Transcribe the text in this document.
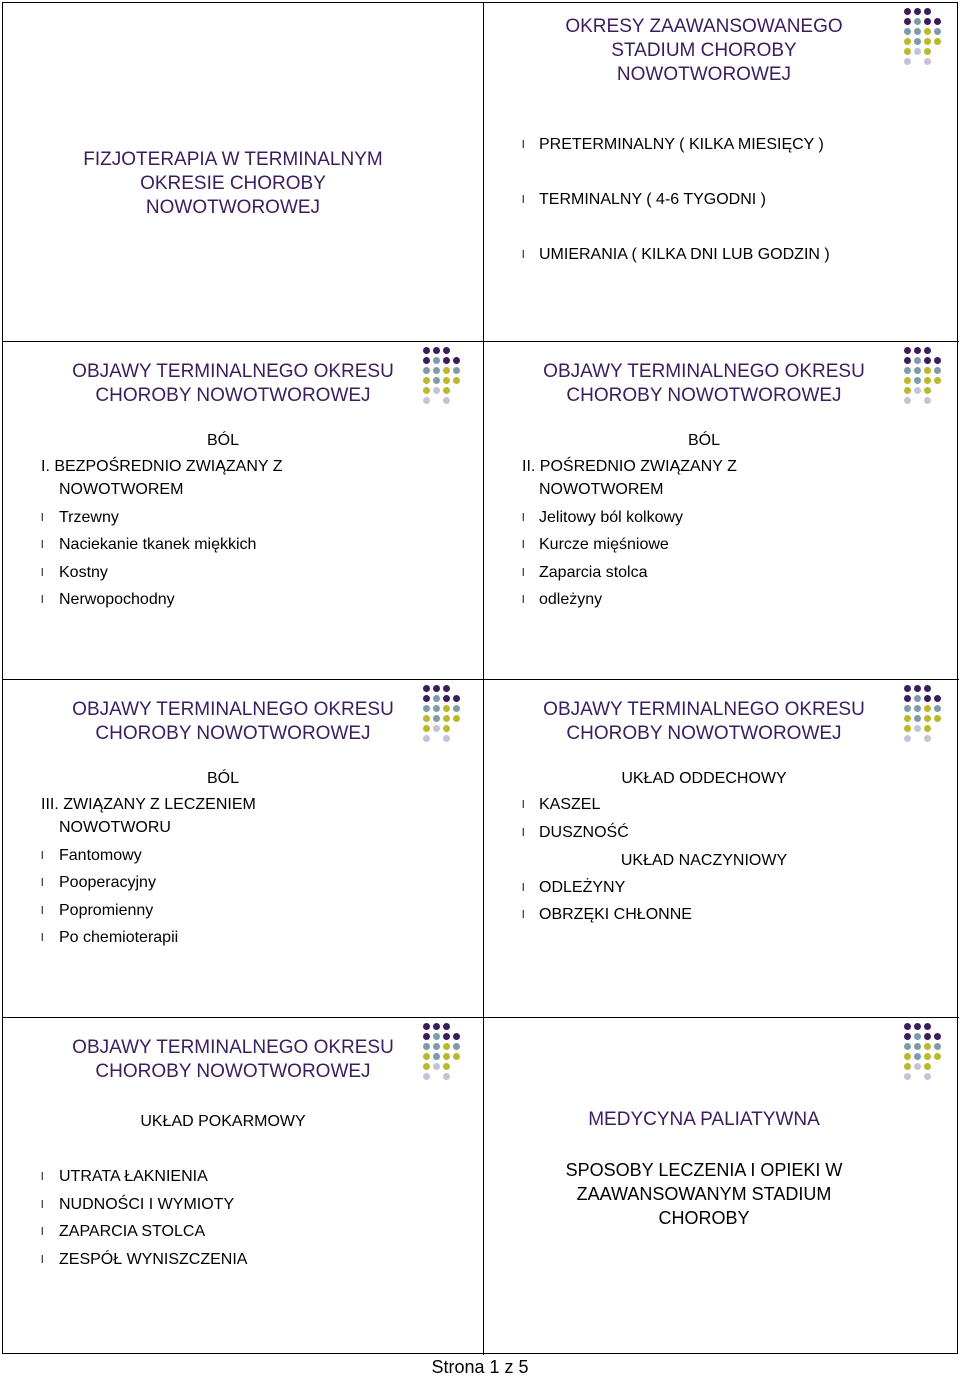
OKRESY ZAAWANSOWANEGO
STADIUM CHOROBY
NOWOTWOROWEJ
l PRETERMINALNY ( KILKA MIESIĘCY )
l TERMINALNY ( 4-6 TYGODNI )
l UMIERANIA ( KILKA DNI LUB GODZIN )
FIZJOTERAPIA W TERMINALNYM
OKRESIE CHOROBY
NOWOTWOROWEJ
OBJAWY TERMINALNEGO OKRESU
CHOROBY NOWOTWOROWEJ
BÓL
I. BEZPOŚREDNIO ZWIĄZANY Z
NOWOTWOREM
l Trzewny
l Naciekanie tkanek miękkich
l Kostny
l Nerwopochodny
OBJAWY TERMINALNEGO OKRESU
CHOROBY NOWOTWOROWEJ
BÓL
II. POŚREDNIO ZWIĄZANY Z
NOWOTWOREM
l Jelitowy ból kolkowy
l Kurcze mięśniowe
l Zaparcia stolca
l odleżyny
OBJAWY TERMINALNEGO OKRESU
CHOROBY NOWOTWOROWEJ
BÓL
III. ZWIĄZANY Z LECZENIEM
NOWOTWORU
l Fantomowy
l Pooperacyjny
l Popromienny
l Po chemioterapii
OBJAWY TERMINALNEGO OKRESU
CHOROBY NOWOTWOROWEJ
UKŁAD ODDECHOWY
l KASZEL
l DUSZNOŚĆ
UKŁAD NACZYNIOWY
l ODLEŻYNY
l OBRZĘKI CHŁONNE
OBJAWY TERMINALNEGO OKRESU
CHOROBY NOWOTWOROWEJ
UKŁAD POKARMOWY
l UTRATA ŁAKNIENIA
l NUDNOŚCI I WYMIOTY
l ZAPARCIA STOLCA
l ZESPÓŁ WYNISZCZENIA
MEDYCYNA PALIATYWNA
SPOSOBY LECZENIA I OPIEKI W
ZAAWANSOWANYM STADIUM
CHOROBY
Strona 1 z 5
